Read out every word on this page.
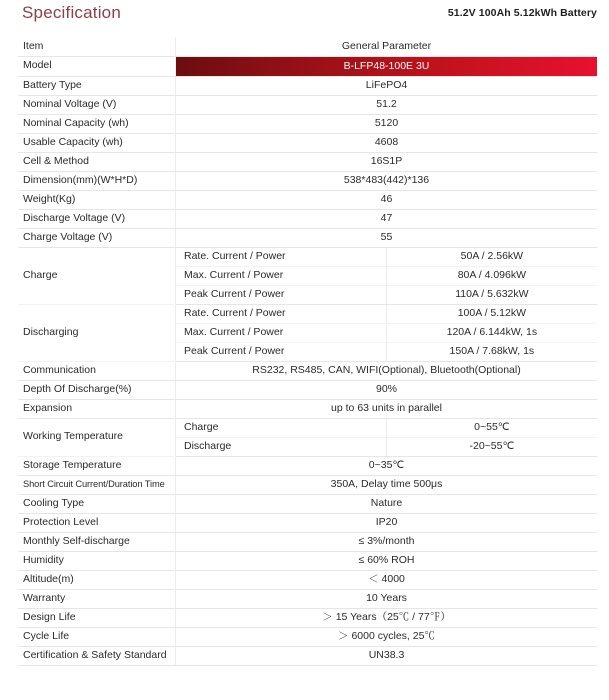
Specification	51.2V 100Ah 5.12kWh Battery
Item	General Parameter	
Model	B-LFP48-100E 3U	

Battery Type	LiFePO4	
Nominal Voltage (V)	51.2	
Nominal Capacity (wh)	5120	
Usable Capacity (wh)	4608	
Cell & Method	16S1P	
Dimension(mm)(W*H*D)	538*483(442)*136	
Weight(Kg)	46	
Discharge Voltage (V)	47	
Charge Voltage (V)	55	
Charge	Rate. Current / Power	50A / 2.56kW
	Max. Current / Power	80A / 4.096kW
	Peak Current / Power	110A / 5.632kW
Discharging	Rate. Current / Power	100A / 5.12kW
	Max. Current / Power	120A / 6.144kW, 1s
	Peak Current / Power	150A / 7.68kW, 1s
Communication	RS232, RS485, CAN, WIFI(Optional), Bluetooth(Optional)	
Depth Of Discharge(%)	90%	
Expansion	up to 63 units in parallel	
Working Temperature	Charge	0~55℃
	Discharge	-20~55℃
Storage Temperature	0~35℃	
Short Circuit Current/Duration Time	350A, Delay time 500μs	
Cooling Type	Nature	
Protection Level	IP20	
Monthly Self-discharge	≤ 3%/month	
Humidity	≤ 60% ROH	
Altitude(m)	＜ 4000	
Warranty	10 Years	
Design Life	＞ 15 Years（25℃ / 77℉）	
Cycle Life	＞ 6000 cycles, 25℃	
Certification & Safety Standard	UN38.3	
